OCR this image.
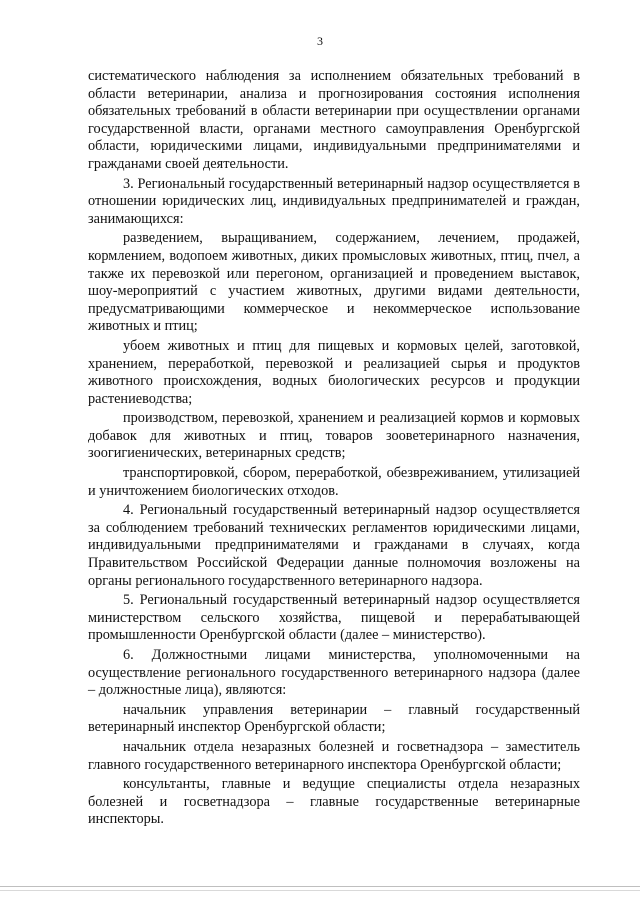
3

систематического наблюдения за исполнением обязательных требований в области ветеринарии, анализа и прогнозирования состояния исполнения обязательных требований в области ветеринарии при осуществлении органами государственной власти, органами местного самоуправления Оренбургской области, юридическими лицами, индивидуальными предпринимателями и гражданами своей деятельности.

3. Региональный государственный ветеринарный надзор осуществляется в отношении юридических лиц, индивидуальных предпринимателей и граждан, занимающихся:

разведением, выращиванием, содержанием, лечением, продажей, кормлением, водопоем животных, диких промысловых животных, птиц, пчел, а также их перевозкой или перегоном, организацией и проведением выставок, шоу-мероприятий с участием животных, другими видами деятельности, предусматривающими коммерческое и некоммерческое использование животных и птиц;

убоем животных и птиц для пищевых и кормовых целей, заготовкой, хранением, переработкой, перевозкой и реализацией сырья и продуктов животного происхождения, водных биологических ресурсов и продукции растениеводства;

производством, перевозкой, хранением и реализацией кормов и кормовых добавок для животных и птиц, товаров зооветеринарного назначения, зоогигиенических, ветеринарных средств;

транспортировкой, сбором, переработкой, обезвреживанием, утилизацией и уничтожением биологических отходов.

4. Региональный государственный ветеринарный надзор осуществляется за соблюдением требований технических регламентов юридическими лицами, индивидуальными предпринимателями и гражданами в случаях, когда Правительством Российской Федерации данные полномочия возложены на органы регионального государственного ветеринарного надзора.

5. Региональный государственный ветеринарный надзор осуществляется министерством сельского хозяйства, пищевой и перерабатывающей промышленности Оренбургской области (далее – министерство).

6. Должностными лицами министерства, уполномоченными на осуществление регионального государственного ветеринарного надзора (далее – должностные лица), являются:

начальник управления ветеринарии – главный государственный ветеринарный инспектор Оренбургской области;

начальник отдела незаразных болезней и госветнадзора – заместитель главного государственного ветеринарного инспектора Оренбургской области;

консультанты, главные и ведущие специалисты отдела незаразных болезней и госветнадзора – главные государственные ветеринарные инспекторы.
